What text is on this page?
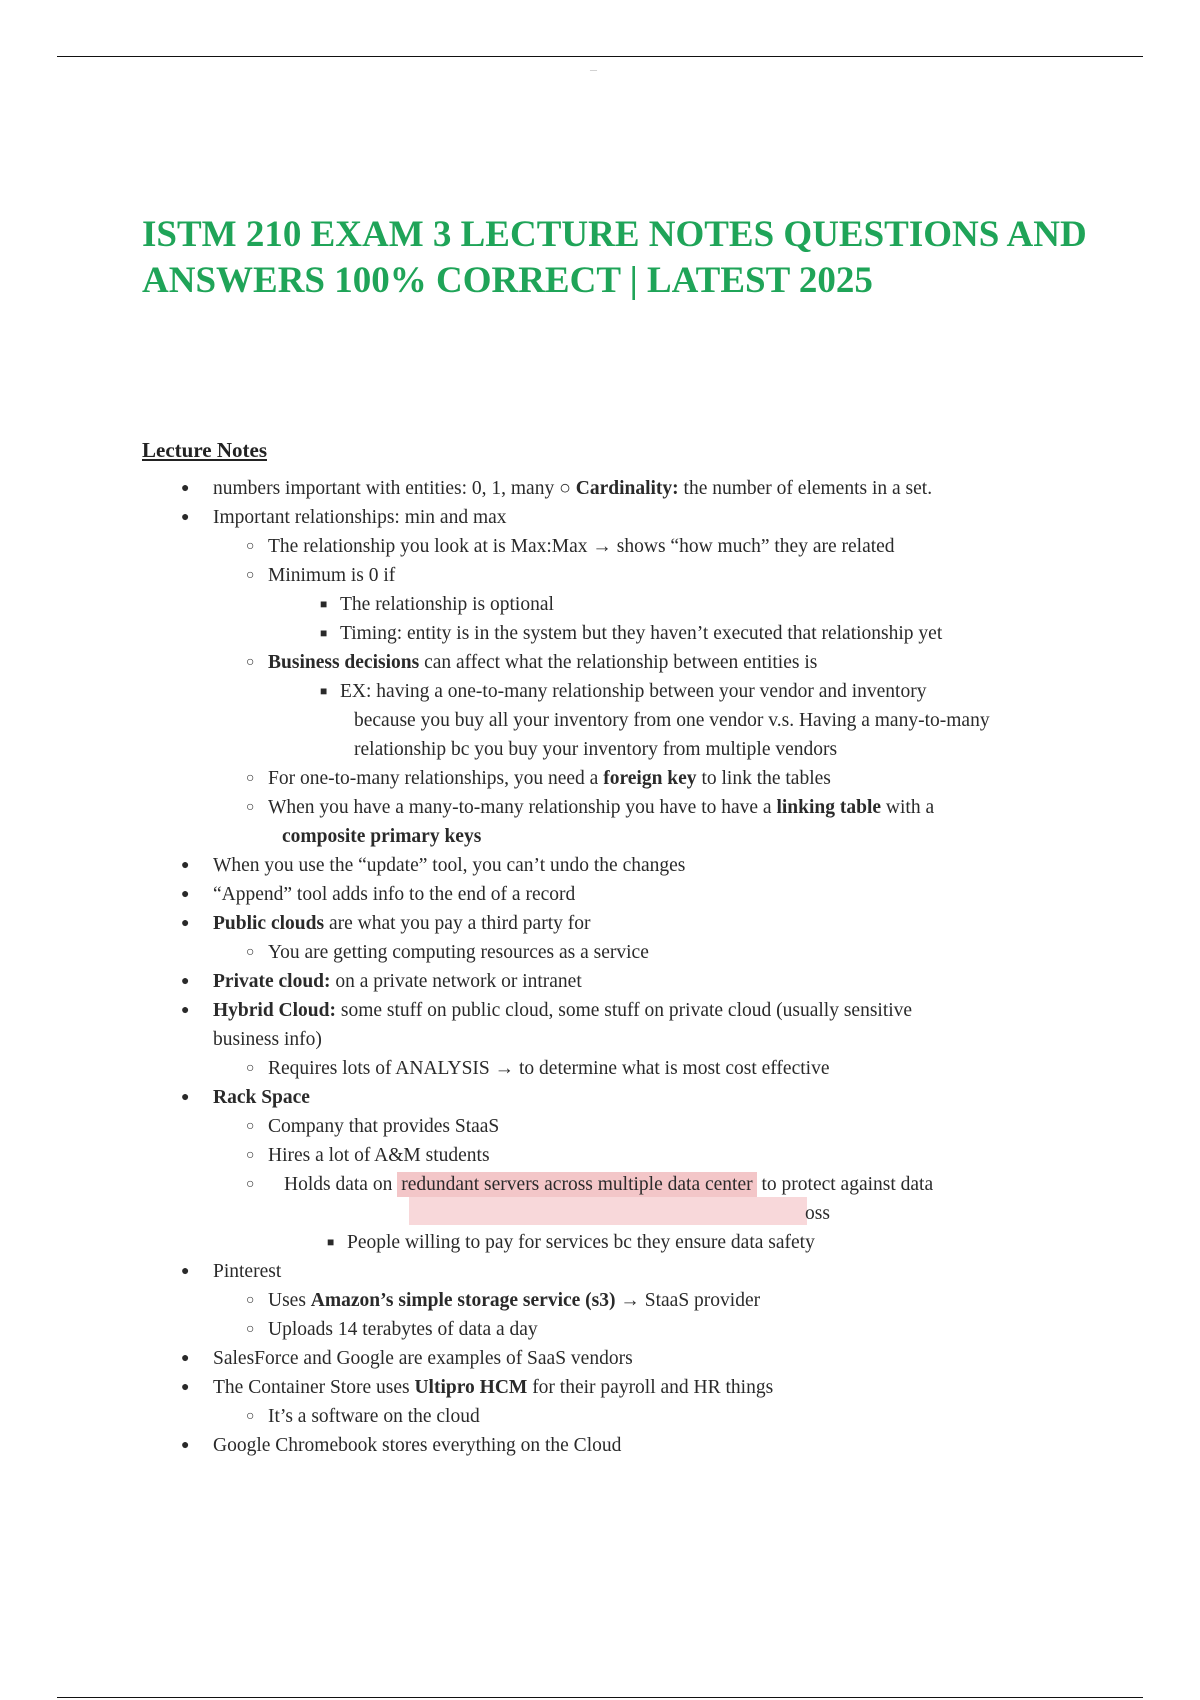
—
ISTM 210 EXAM 3 LECTURE NOTES QUESTIONS AND
ANSWERS 100% CORRECT | LATEST 2025
Lecture Notes
● numbers important with entities: 0, 1, many ○ Cardinality: the number of elements in a set.
● Important relationships: min and max
○ The relationship you look at is Max:Max → shows “how much” they are related
○ Minimum is 0 if
■ The relationship is optional
■ Timing: entity is in the system but they haven’t executed that relationship yet
○ Business decisions can affect what the relationship between entities is
■ EX: having a one-to-many relationship between your vendor and inventory
because you buy all your inventory from one vendor v.s. Having a many-to-many
relationship bc you buy your inventory from multiple vendors
○ For one-to-many relationships, you need a foreign key to link the tables
○ When you have a many-to-many relationship you have to have a linking table with a
composite primary keys
● When you use the “update” tool, you can’t undo the changes
● “Append” tool adds info to the end of a record
● Public clouds are what you pay a third party for
○ You are getting computing resources as a service
● Private cloud: on a private network or intranet
● Hybrid Cloud: some stuff on public cloud, some stuff on private cloud (usually sensitive
business info)
○ Requires lots of ANALYSIS → to determine what is most cost effective
● Rack Space
○ Company that provides StaaS
○ Hires a lot of A&M students
○ Holds data on redundant servers across multiple data center to protect against data
oss
■ People willing to pay for services bc they ensure data safety
● Pinterest
○ Uses Amazon’s simple storage service (s3) → StaaS provider
○ Uploads 14 terabytes of data a day
● SalesForce and Google are examples of SaaS vendors
● The Container Store uses Ultipro HCM for their payroll and HR things
○ It’s a software on the cloud
● Google Chromebook stores everything on the Cloud
